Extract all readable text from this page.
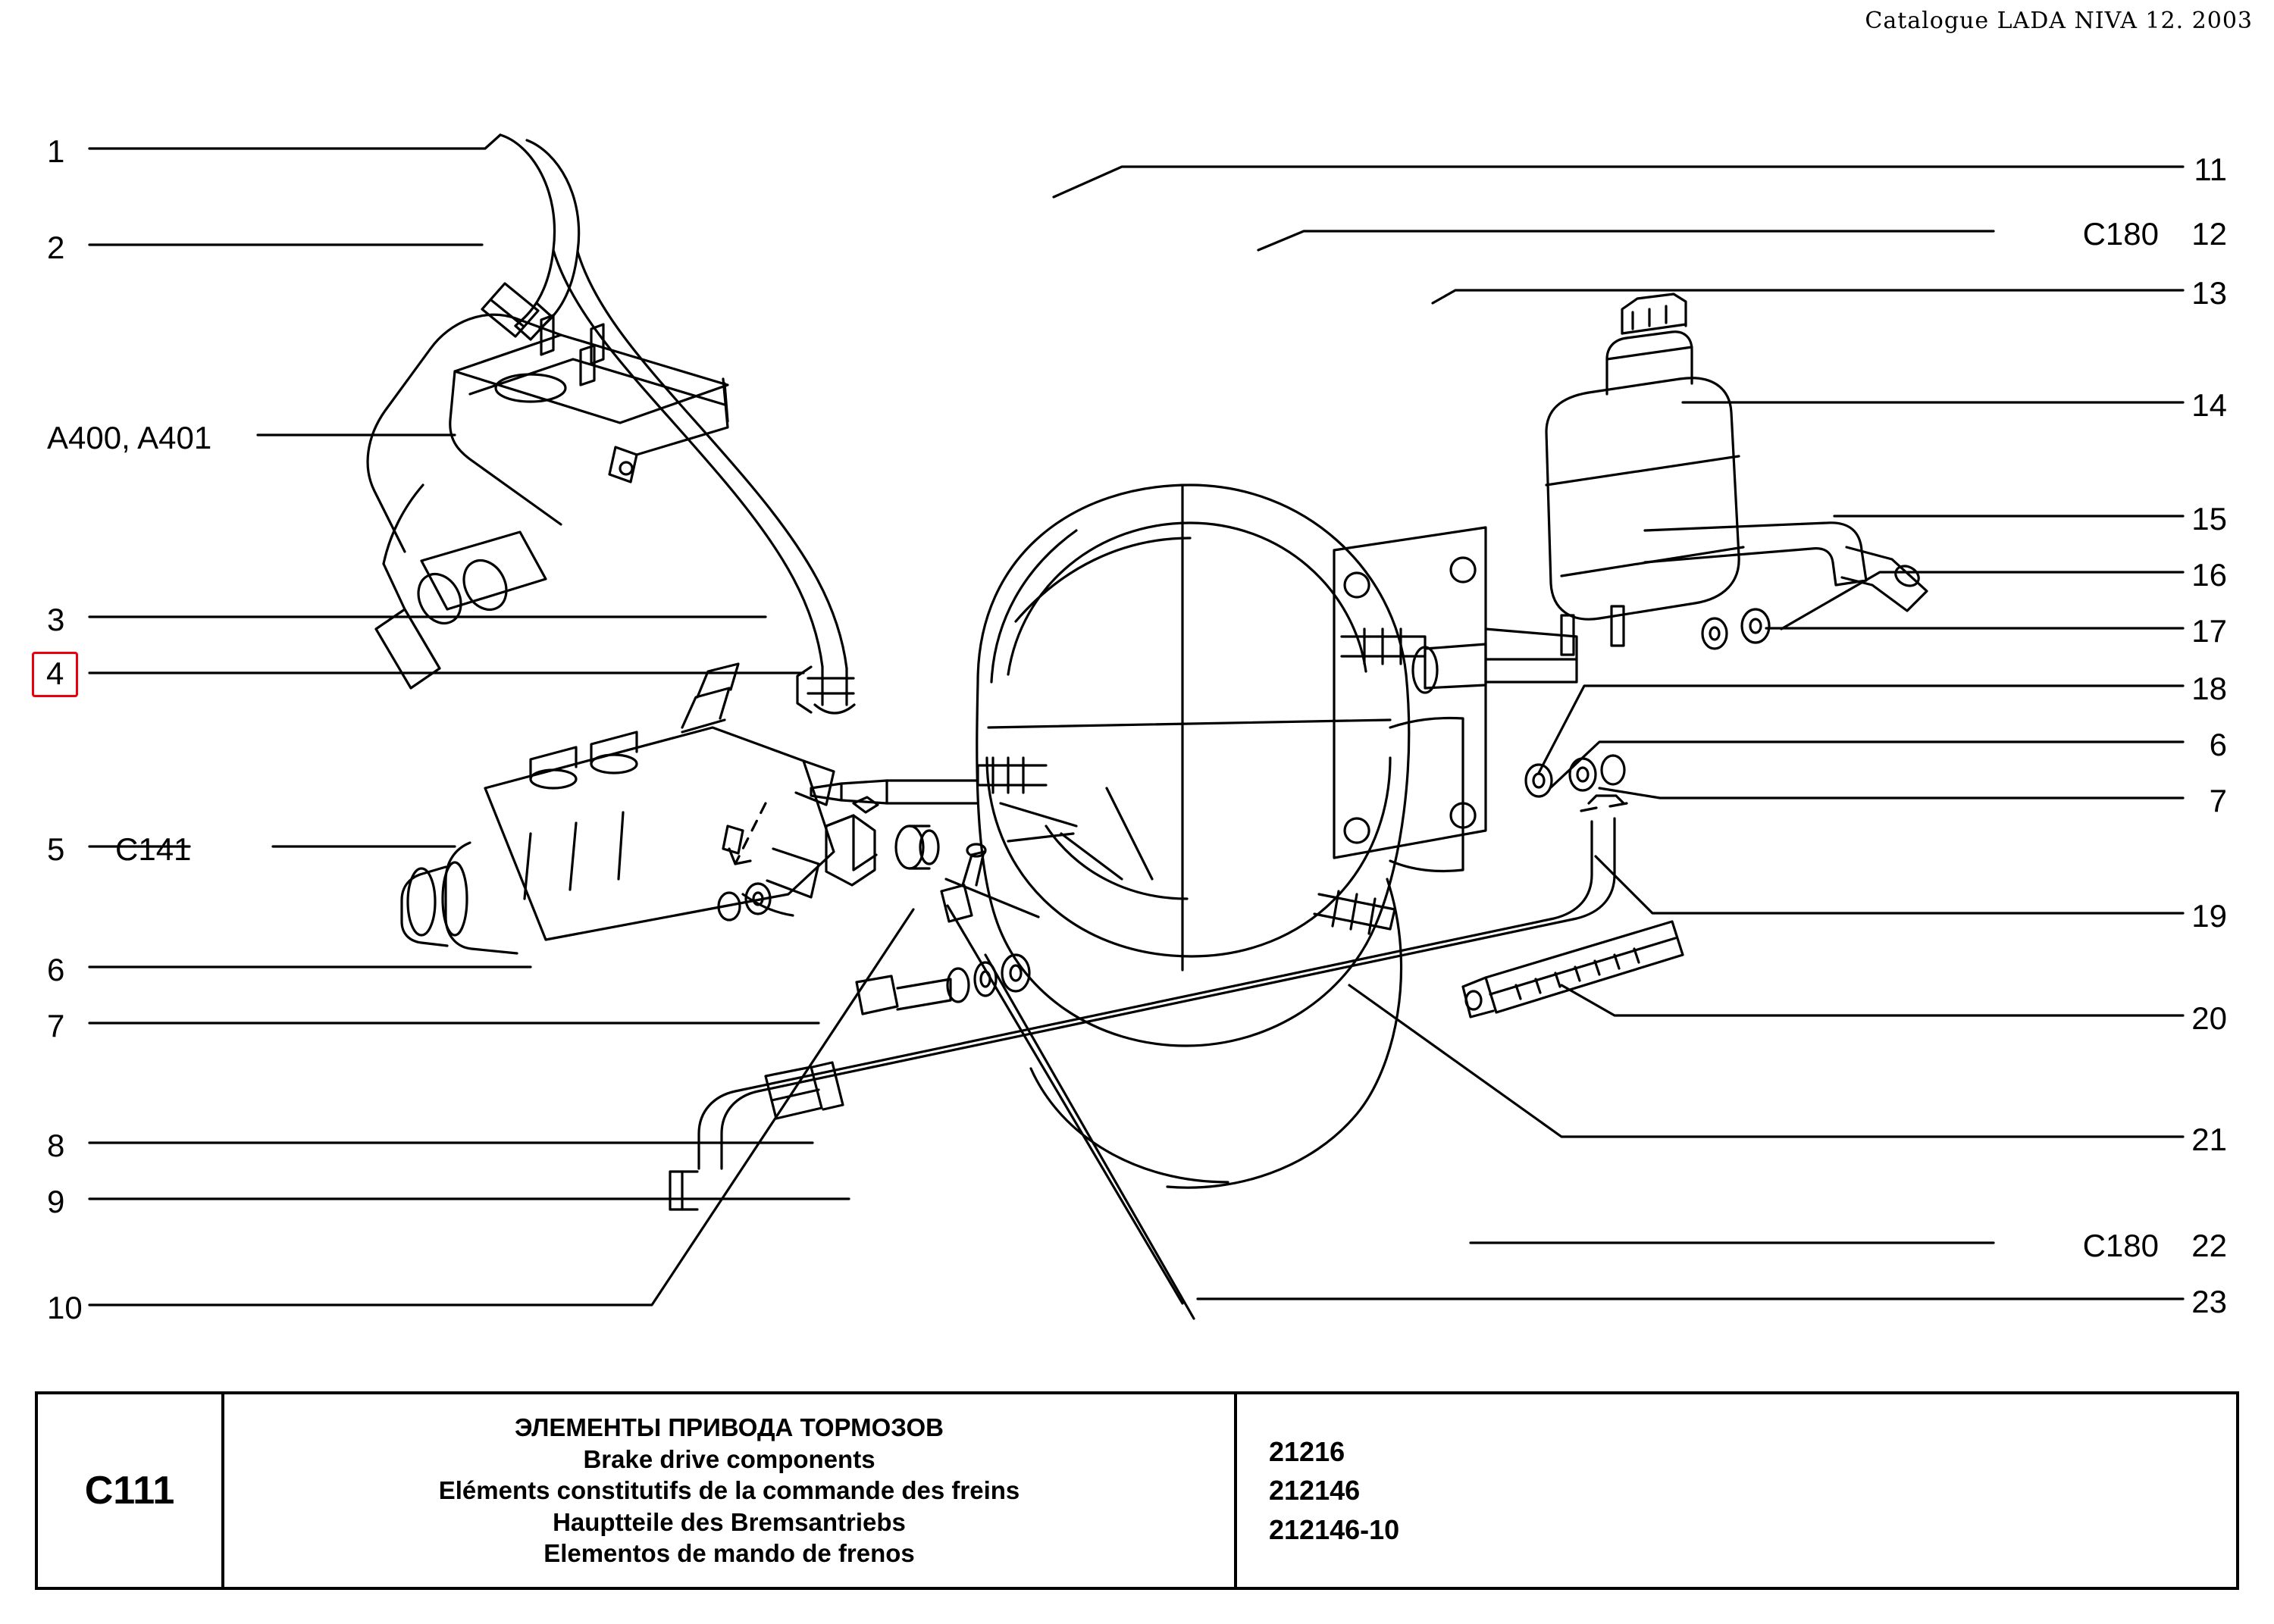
Catalogue LADA NIVA 12. 2003
1
2
A400, A401
3
4
5 C141
6
7
8
9
10
11
12
C180
13
14
15
16
17
18
6
7
19
20
21
22
C180
23
C111
ЭЛЕМЕНТЫ ПРИВОДА ТОРМОЗОВ
Brake drive components
Eléments constitutifs de la commande des freins
Hauptteile des Bremsantriebs
Elementos de mando de frenos
21216
212146
212146-10
